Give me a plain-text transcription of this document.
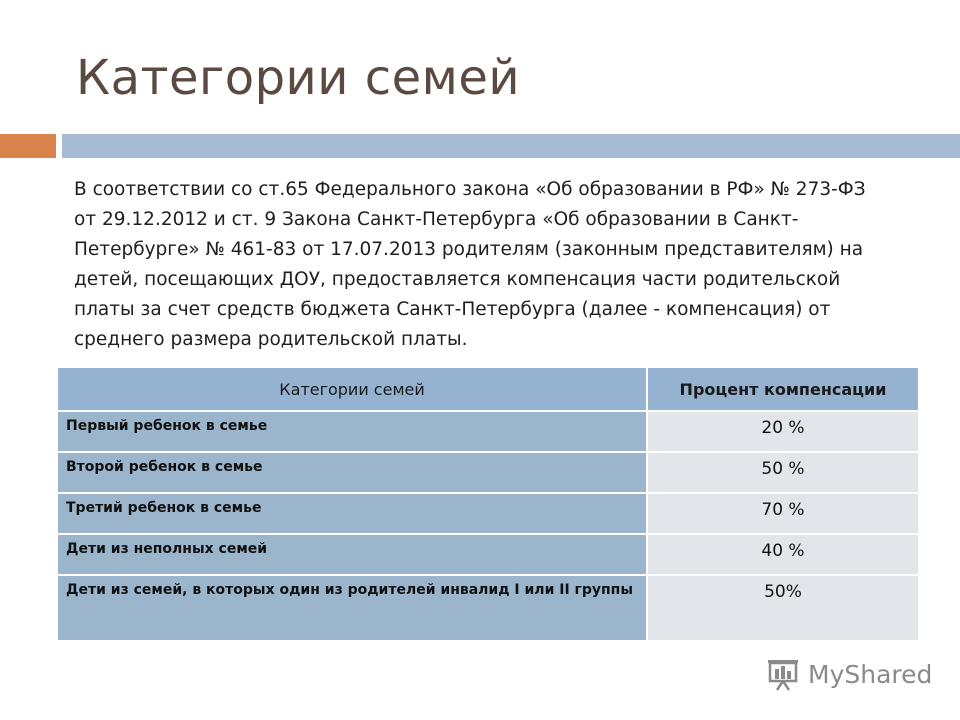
Категории семей
В соответствии со ст.65 Федерального закона «Об образовании в РФ» № 273-ФЗ
от 29.12.2012 и ст. 9 Закона Санкт-Петербурга «Об образовании в Санкт-
Петербурге» № 461-83 от 17.07.2013 родителям (законным представителям) на
детей, посещающих ДОУ, предоставляется компенсация части родительской
платы за счет средств бюджета Санкт-Петербурга (далее - компенсация) от
среднего размера родительской платы.
Категории семей	Процент компенсации
Первый ребенок в семье	20 %
Второй ребенок в семье	50 %
Третий ребенок в семье	70 %
Дети из неполных семей	40 %
Дети из семей, в которых один из родителей инвалид I или II группы	50%
MyShared
